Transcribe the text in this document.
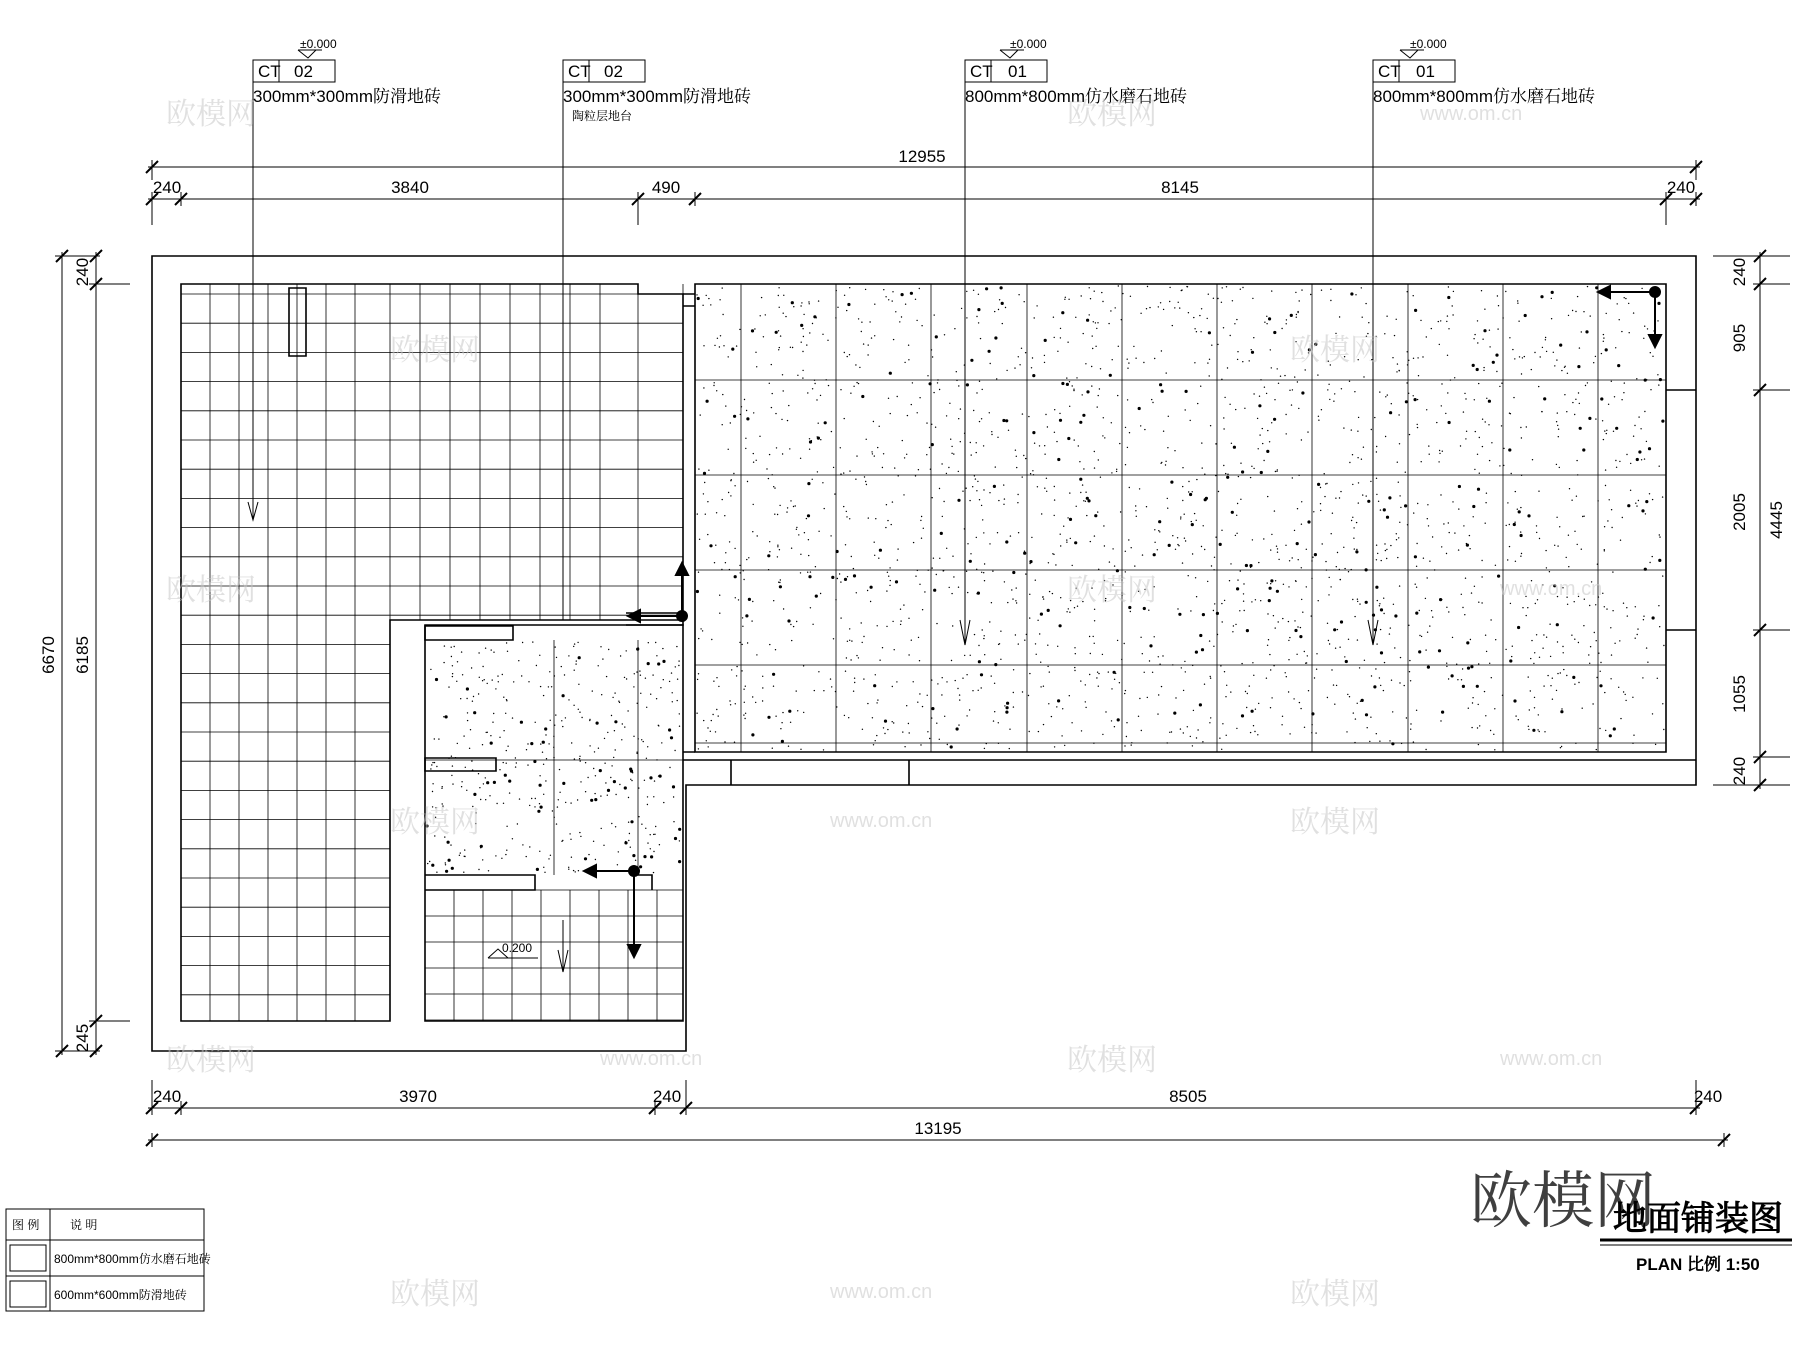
±0.000
CT 02
300mm*300mm防滑地砖
CT 02
300mm*300mm防滑地砖
陶粒层地台
±0.000
CT 01
800mm*800mm仿水磨石地砖
±0.000
CT 01
800mm*800mm仿水磨石地砖
0.200
12955
240	3840	490	8145	240
240	3970	240	8505	240
13195
6670 6185
240
245
240
905
2005
1055
240
4445
图 例	说 明
800mm*800mm仿水磨石地砖
600mm*600mm防滑地砖
地面铺装图
PLAN 比例 1:50
欧模网	欧模网	www.om.cn
欧模网	欧模网
欧模网	欧模网	www.om.cn
欧模网	www.om.cn	欧模网
欧模网	欧模网
www.om.cn	www.om.cn
欧模网	欧模网
www.om.cn
欧模网
